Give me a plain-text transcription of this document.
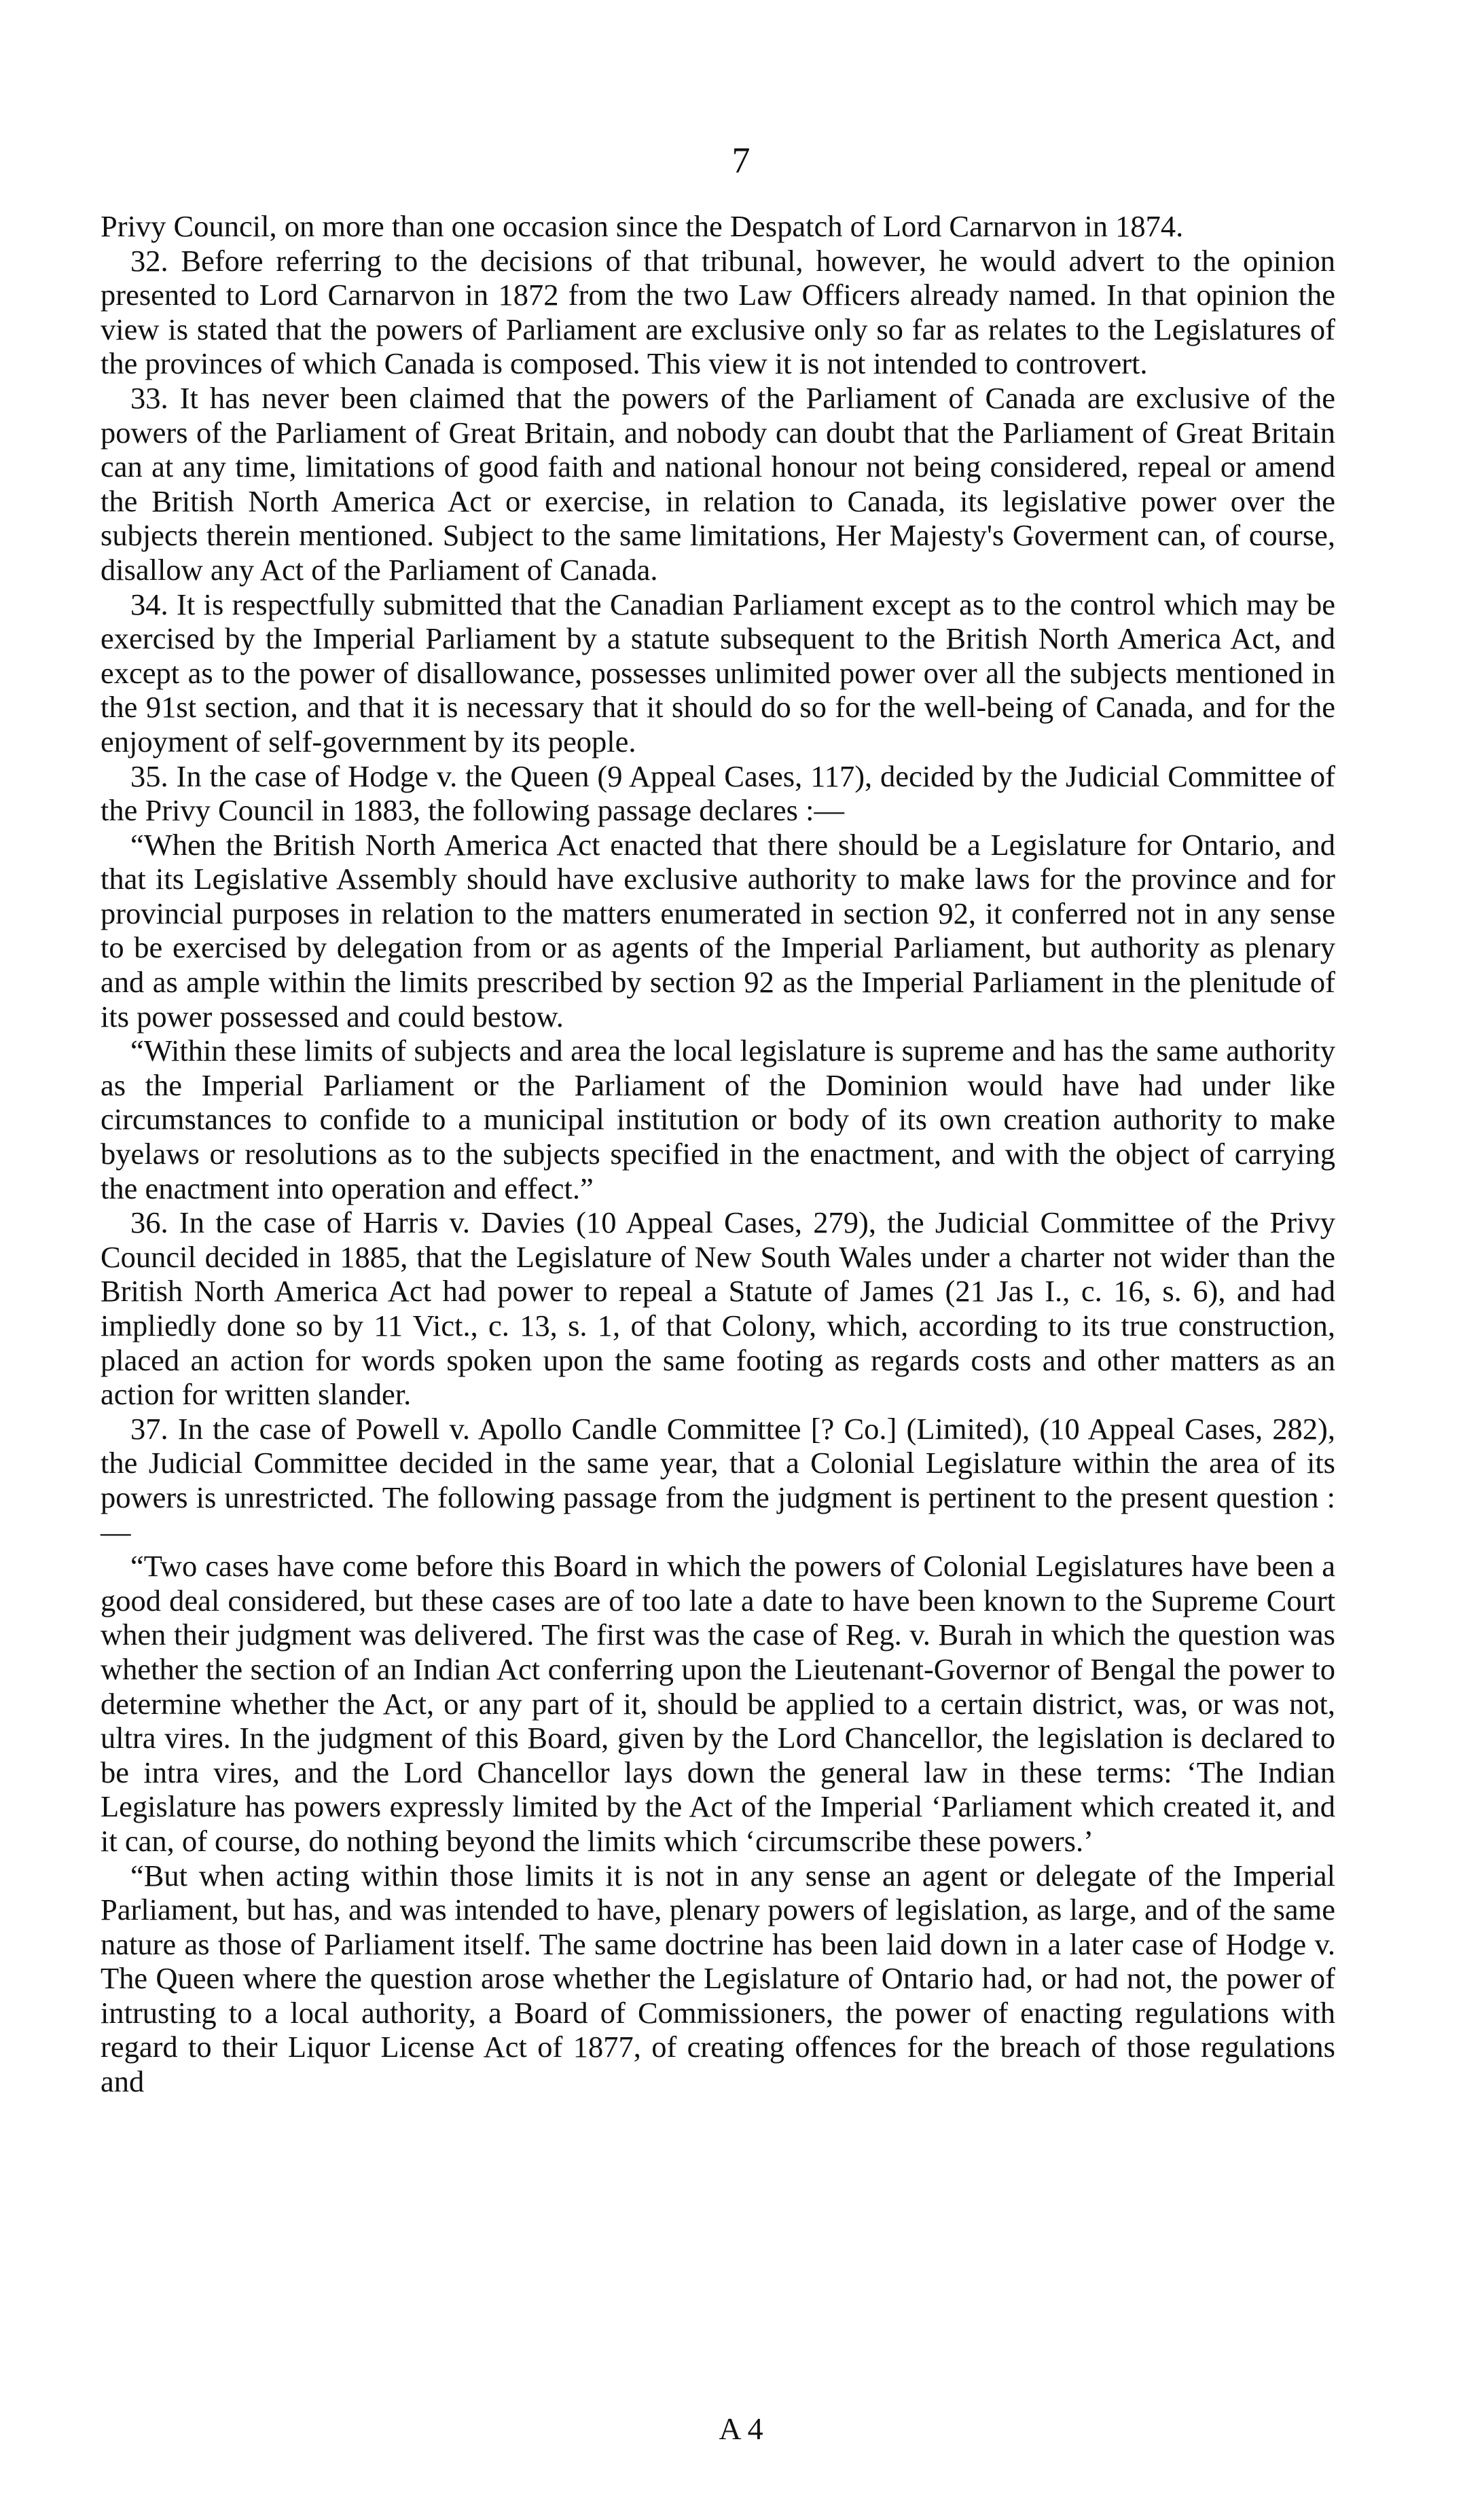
7

Privy Council, on more than one occasion since the Despatch of Lord Carnarvon in 1874.

32. Before referring to the decisions of that tribunal, however, he would advert to the opinion presented to Lord Carnarvon in 1872 from the two Law Officers already named. In that opinion the view is stated that the powers of Parliament are exclusive only so far as relates to the Legislatures of the provinces of which Canada is composed. This view it is not intended to controvert.

33. It has never been claimed that the powers of the Parliament of Canada are exclusive of the powers of the Parliament of Great Britain, and nobody can doubt that the Parliament of Great Britain can at any time, limitations of good faith and national honour not being considered, repeal or amend the British North America Act or exercise, in relation to Canada, its legislative power over the subjects therein mentioned. Subject to the same limitations, Her Majesty's Goverment can, of course, disallow any Act of the Parliament of Canada.

34. It is respectfully submitted that the Canadian Parliament except as to the control which may be exercised by the Imperial Parliament by a statute subsequent to the British North America Act, and except as to the power of disallowance, possesses unlimited power over all the subjects mentioned in the 91st section, and that it is necessary that it should do so for the well-being of Canada, and for the enjoyment of self-government by its people.

35. In the case of Hodge v. the Queen (9 Appeal Cases, 117), decided by the Judicial Committee of the Privy Council in 1883, the following passage declares :—

“When the British North America Act enacted that there should be a Legislature for Ontario, and that its Legislative Assembly should have exclusive authority to make laws for the province and for provincial purposes in relation to the matters enumerated in section 92, it conferred not in any sense to be exercised by delegation from or as agents of the Imperial Parliament, but authority as plenary and as ample within the limits prescribed by section 92 as the Imperial Parliament in the plenitude of its power possessed and could bestow.

“Within these limits of subjects and area the local legislature is supreme and has the same authority as the Imperial Parliament or the Parliament of the Dominion would have had under like circumstances to confide to a municipal institution or body of its own creation authority to make byelaws or resolutions as to the subjects specified in the enactment, and with the object of carrying the enactment into operation and effect.”

36. In the case of Harris v. Davies (10 Appeal Cases, 279), the Judicial Committee of the Privy Council decided in 1885, that the Legislature of New South Wales under a charter not wider than the British North America Act had power to repeal a Statute of James (21 Jas I., c. 16, s. 6), and had impliedly done so by 11 Vict., c. 13, s. 1, of that Colony, which, according to its true construction, placed an action for words spoken upon the same footing as regards costs and other matters as an action for written slander.

37. In the case of Powell v. Apollo Candle Committee [? Co.] (Limited), (10 Appeal Cases, 282), the Judicial Committee decided in the same year, that a Colonial Legislature within the area of its powers is unrestricted. The following passage from the judgment is pertinent to the present question :—

“Two cases have come before this Board in which the powers of Colonial Legislatures have been a good deal considered, but these cases are of too late a date to have been known to the Supreme Court when their judgment was delivered. The first was the case of Reg. v. Burah in which the question was whether the section of an Indian Act conferring upon the Lieutenant-Governor of Bengal the power to determine whether the Act, or any part of it, should be applied to a certain district, was, or was not, ultra vires. In the judgment of this Board, given by the Lord Chancellor, the legislation is declared to be intra vires, and the Lord Chancellor lays down the general law in these terms: ‘The Indian Legislature has powers expressly limited by the Act of the Imperial ‘Parliament which created it, and it can, of course, do nothing beyond the limits which ‘circumscribe these powers.’

“But when acting within those limits it is not in any sense an agent or delegate of the Imperial Parliament, but has, and was intended to have, plenary powers of legislation, as large, and of the same nature as those of Parliament itself. The same doctrine has been laid down in a later case of Hodge v. The Queen where the question arose whether the Legislature of Ontario had, or had not, the power of intrusting to a local authority, a Board of Commissioners, the power of enacting regulations with regard to their Liquor License Act of 1877, of creating offences for the breach of those regulations and

A 4
